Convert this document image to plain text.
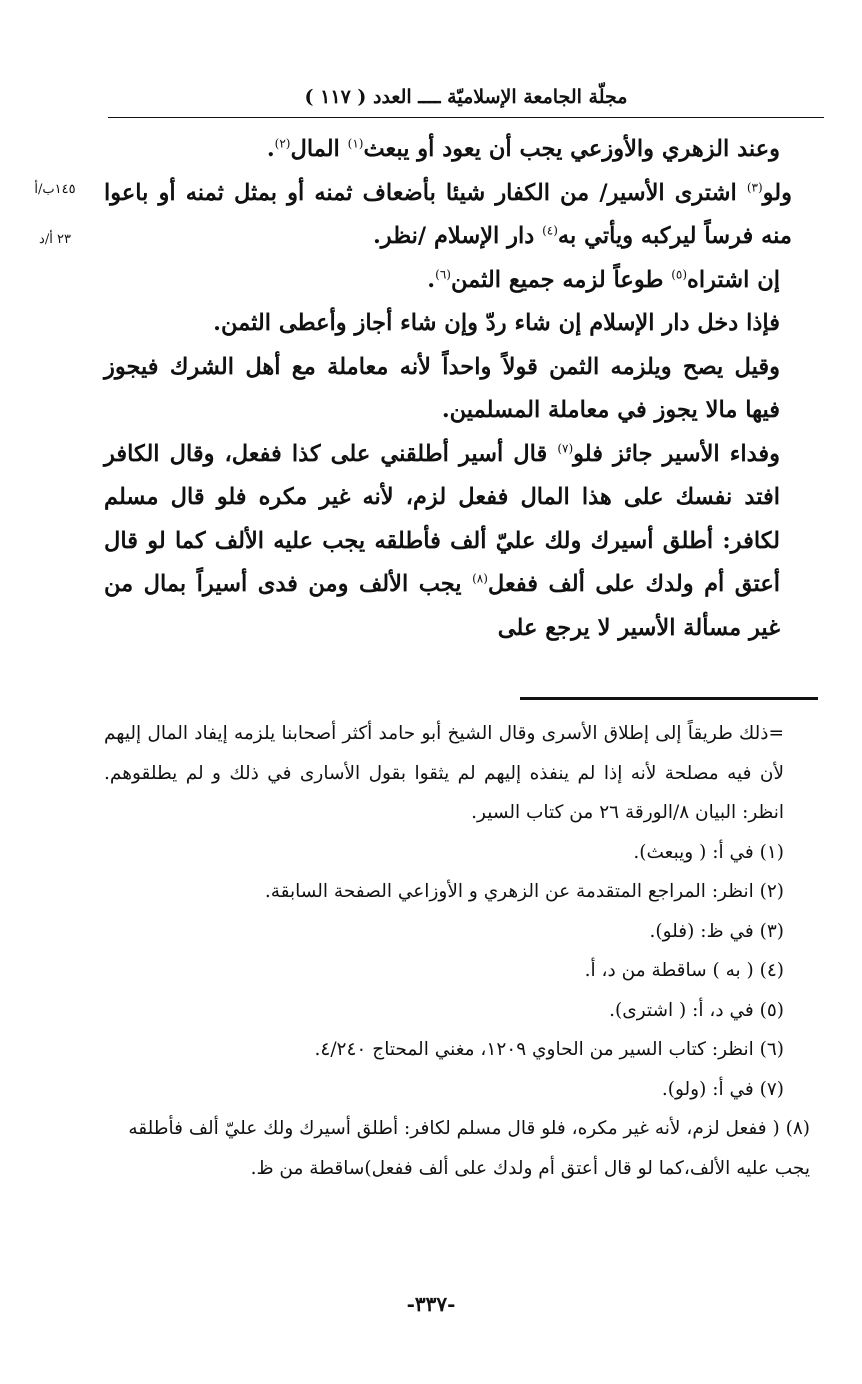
مجلّة الجامعة الإسلاميّة ــــ العدد ( ١١٧ )
١٤٥ب/أ
٢٣ أ/د

وعند الزهري والأوزعي يجب أن يعود أو يبعث$^{(١)}$ المال$^{(٢)}$.

ولو$^{(٣)}$ اشترى الأسير/ من الكفار شيئا بأضعاف ثمنه أو بمثل ثمنه أو باعوا منه فرساً ليركبه ويأتي به$^{(٤)}$ دار الإسلام /نظر.

إن اشتراه$^{(٥)}$ طوعاً لزمه جميع الثمن$^{(٦)}$.

فإذا دخل دار الإسلام إن شاء ردّ وإن شاء أجاز وأعطى الثمن.

وقيل يصح ويلزمه الثمن قولاً واحداً لأنه معاملة مع أهل الشرك فيجوز فيها مالا يجوز في معاملة المسلمين.

وفداء الأسير جائز فلو$^{(٧)}$ قال أسير أطلقني على كذا ففعل، وقال الكافر افتد نفسك على هذا المال ففعل لزم، لأنه غير مكره فلو قال مسلم لكافر: أطلق أسيرك ولك عليّ ألف فأطلقه يجب عليه الألف كما لو قال أعتق أم ولدك على ألف ففعل$^{(٨)}$ يجب الألف ومن فدى أسيراً بمال من غير مسألة الأسير لا يرجع على

=ذلك طريقاً إلى إطلاق الأسرى وقال الشيخ أبو حامد أكثر أصحابنا يلزمه إيفاد المال إليهم لأن فيه مصلحة لأنه إذا لم ينفذه إليهم لم يثقوا بقول الأسارى في ذلك و لم يطلقوهم. انظر: البيان ٨/الورقة ٢٦ من كتاب السير.

(١) في أ: ( ويبعث).

(٢) انظر: المراجع المتقدمة عن الزهري و الأوزاعي الصفحة السابقة.

(٣) في ظ: (فلو).

(٤) ( به ) ساقطة من د، أ.

(٥) في د، أ: ( اشترى).

(٦) انظر: كتاب السير من الحاوي ١٢٠٩، مغني المحتاج ٤/٢٤٠.

(٧) في أ: (ولو).

(٨) ( ففعل لزم، لأنه غير مكره، فلو قال مسلم لكافر: أطلق أسيرك ولك عليّ ألف فأطلقه يجب عليه الألف،كما لو قال أعتق أم ولدك على ألف ففعل)ساقطة من ظ.

-٣٣٧-
